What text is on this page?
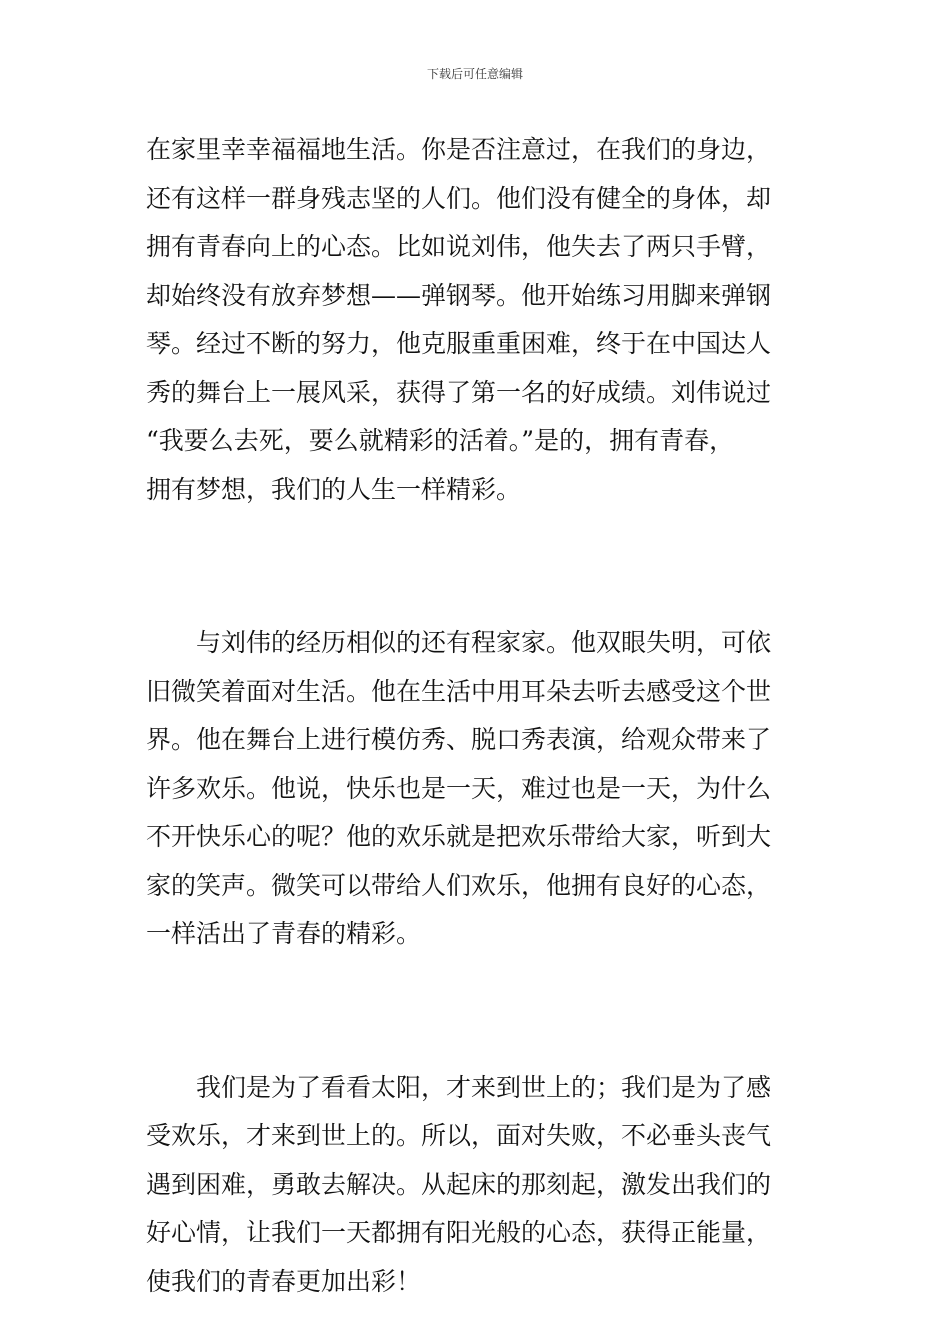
下载后可任意编辑

在家里幸幸福福地生活。你是否注意过，在我们的身边，
还有这样一群身残志坚的人们。他们没有健全的身体，却
拥有青春向上的心态。比如说刘伟，他失去了两只手臂，
却始终没有放弃梦想——弹钢琴。他开始练习用脚来弹钢
琴。经过不断的努力，他克服重重困难，终于在中国达人
秀的舞台上一展风采，获得了第一名的好成绩。刘伟说过
“我要么去死，要么就精彩的活着。”是的，拥有青春，
拥有梦想，我们的人生一样精彩。

与刘伟的经历相似的还有程家家。他双眼失明，可依
旧微笑着面对生活。他在生活中用耳朵去听去感受这个世
界。他在舞台上进行模仿秀、脱口秀表演，给观众带来了
许多欢乐。他说，快乐也是一天，难过也是一天，为什么
不开快乐心的呢？他的欢乐就是把欢乐带给大家，听到大
家的笑声。微笑可以带给人们欢乐，他拥有良好的心态，
一样活出了青春的精彩。

我们是为了看看太阳，才来到世上的；我们是为了感
受欢乐，才来到世上的。所以，面对失败，不必垂头丧气
遇到困难，勇敢去解决。从起床的那刻起，激发出我们的
好心情，让我们一天都拥有阳光般的心态，获得正能量，
使我们的青春更加出彩！
